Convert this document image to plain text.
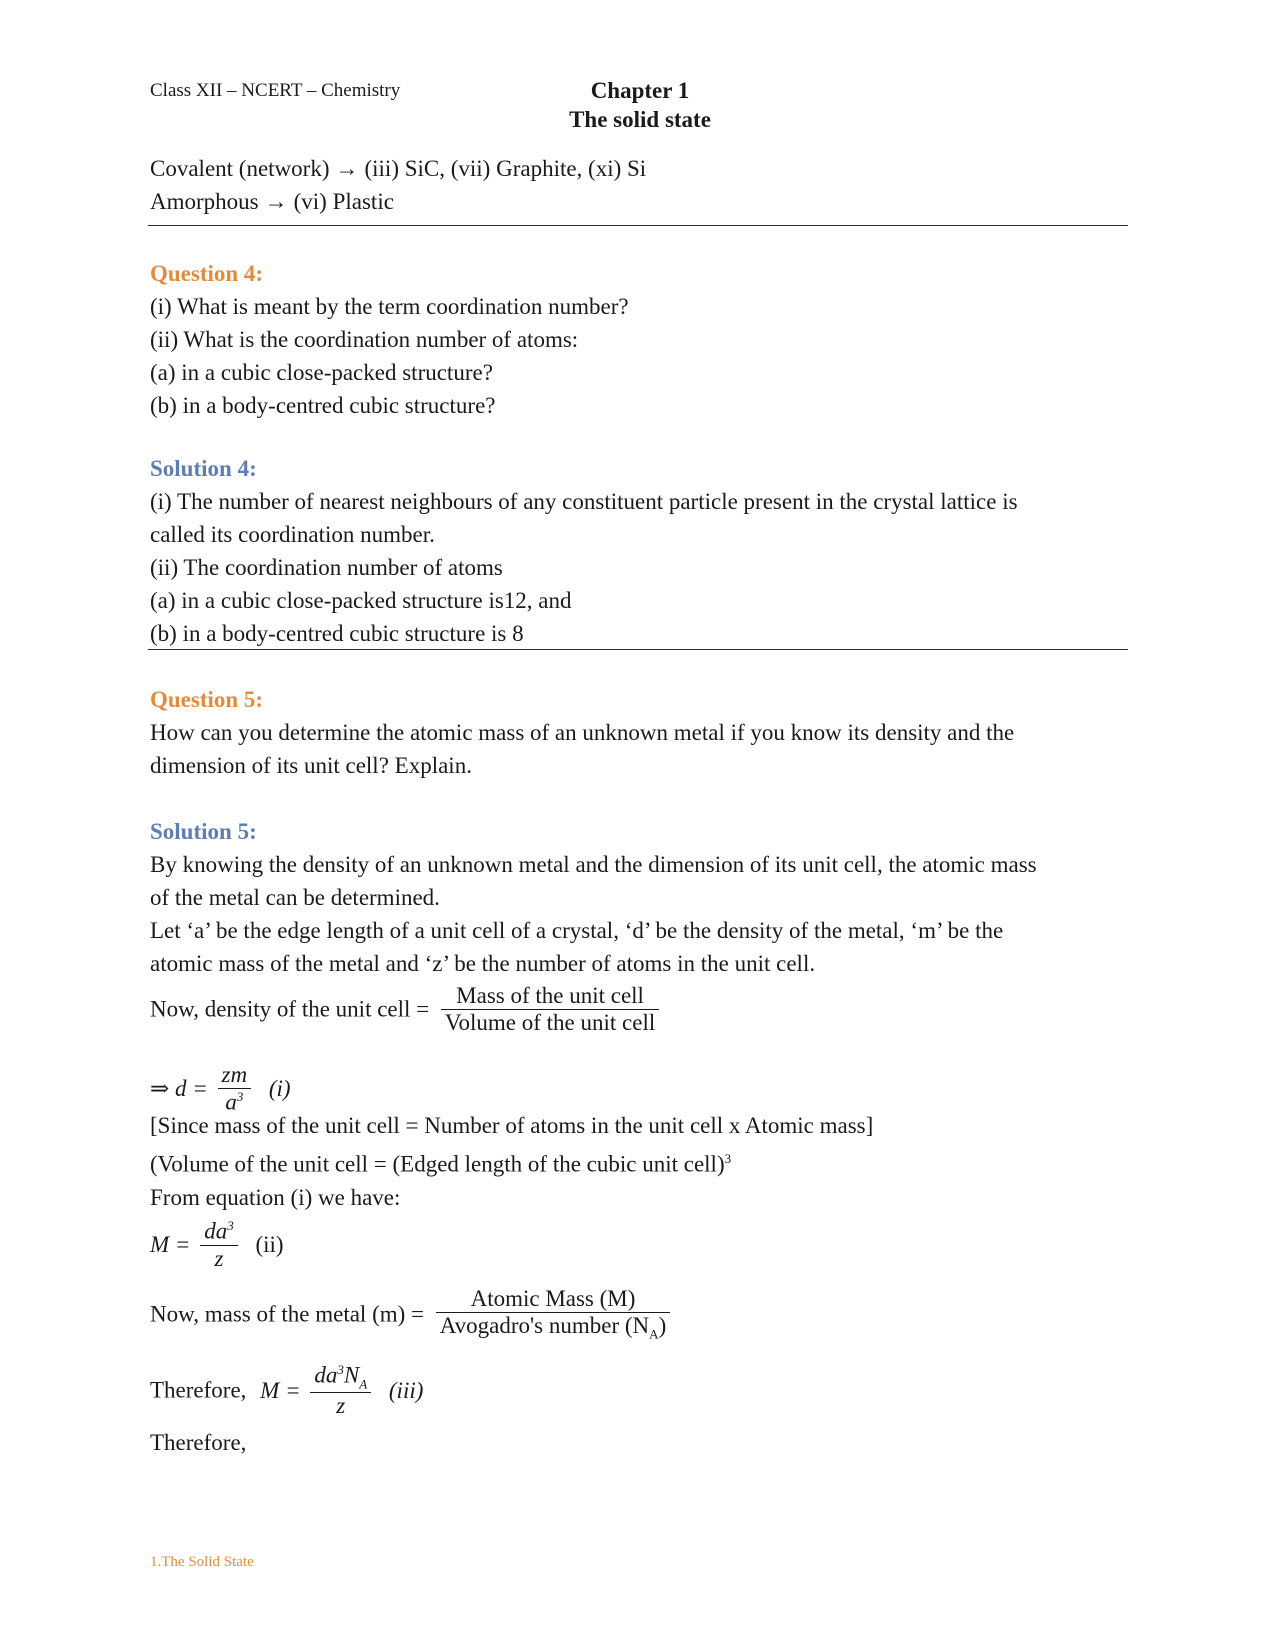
Class XII – NCERT – Chemistry	Chapter 1
The solid state
Covalent (network) → (iii) SiC, (vii) Graphite, (xi) Si
Amorphous → (vi) Plastic
Question 4:
(i) What is meant by the term coordination number?
(ii) What is the coordination number of atoms:
(a) in a cubic close-packed structure?
(b) in a body-centred cubic structure?
Solution 4:
(i) The number of nearest neighbours of any constituent particle present in the crystal lattice is
called its coordination number.
(ii) The coordination number of atoms
(a) in a cubic close-packed structure is12, and
(b) in a body-centred cubic structure is 8
Question 5:
How can you determine the atomic mass of an unknown metal if you know its density and the
dimension of its unit cell? Explain.
Solution 5:
By knowing the density of an unknown metal and the dimension of its unit cell, the atomic mass
of the metal can be determined.
Let ‘a’ be the edge length of a unit cell of a crystal, ‘d’ be the density of the metal, ‘m’ be the
atomic mass of the metal and ‘z’ be the number of atoms in the unit cell.
Now, density of the unit cell = $\frac{\text{Mass of the unit cell}}{\text{Volume of the unit cell}}$
⇒ $d = \frac{zm}{a^3} (i)$
[Since mass of the unit cell = Number of atoms in the unit cell x Atomic mass]
(Volume of the unit cell = (Edged length of the cubic unit cell)$^3$
From equation (i) we have:
$M = \frac{da^3}{z} (ii)$
Now, mass of the metal $(m) = \frac{\text{Atomic Mass (M)}}{Avogadro's number (N_A)}$
Therefore, $M = \frac{da^3N_A}{z} (iii)$
Therefore,
1.The Solid State
